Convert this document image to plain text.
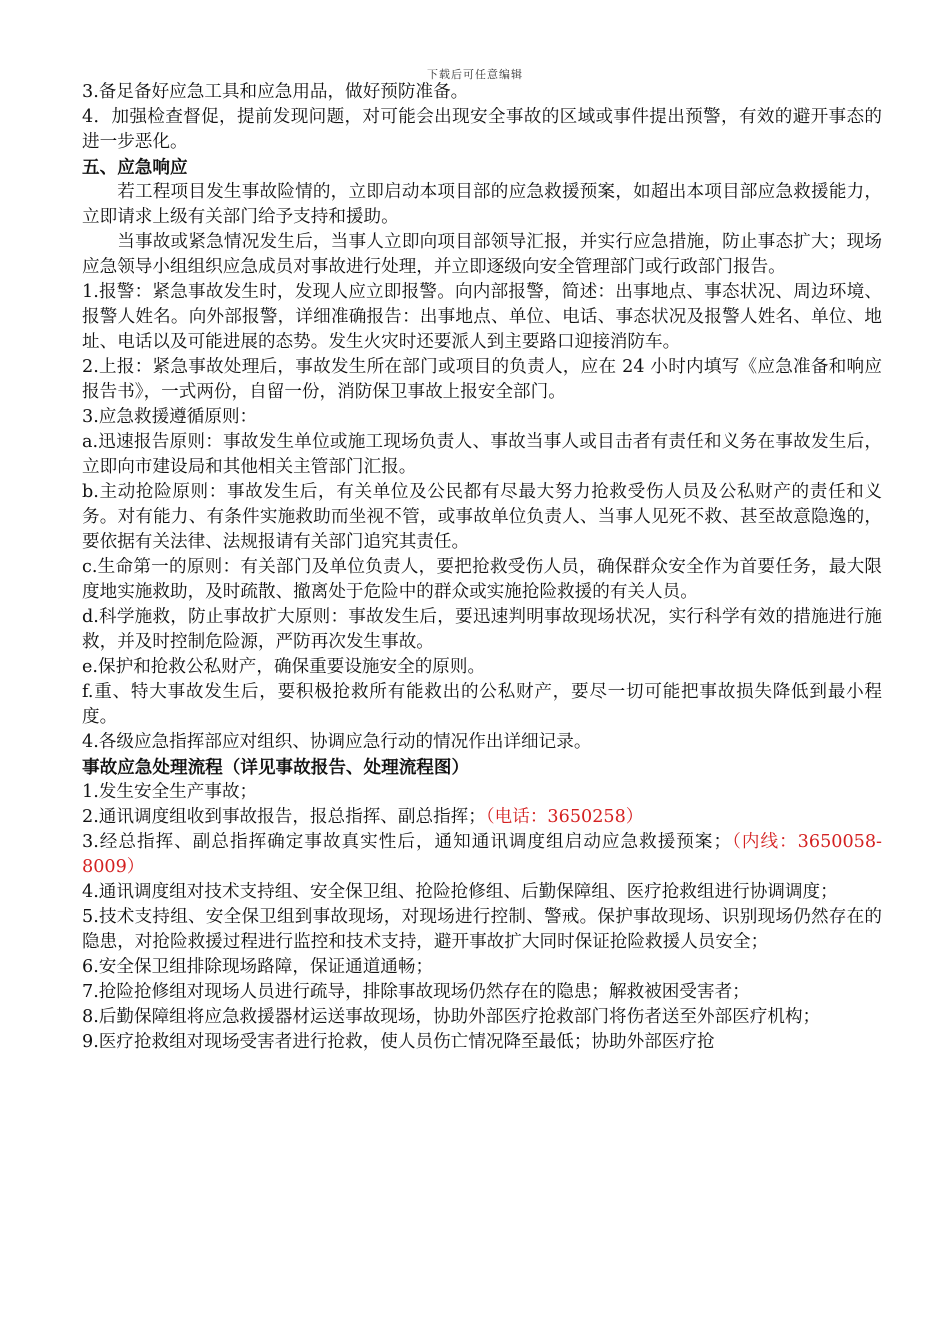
下载后可任意编辑

3.备足备好应急工具和应急用品，做好预防准备。

4．加强检查督促，提前发现问题，对可能会出现安全事故的区域或事件提出预警，有效的避开事态的进一步恶化。

五、应急响应

若工程项目发生事故险情的，立即启动本项目部的应急救援预案，如超出本项目部应急救援能力，立即请求上级有关部门给予支持和援助。

当事故或紧急情况发生后，当事人立即向项目部领导汇报，并实行应急措施，防止事态扩大；现场应急领导小组组织应急成员对事故进行处理，并立即逐级向安全管理部门或行政部门报告。

1.报警：紧急事故发生时，发现人应立即报警。向内部报警，简述：出事地点、事态状况、周边环境、报警人姓名。向外部报警，详细准确报告：出事地点、单位、电话、事态状况及报警人姓名、单位、地址、电话以及可能进展的态势。发生火灾时还要派人到主要路口迎接消防车。

2.上报：紧急事故处理后，事故发生所在部门或项目的负责人，应在 24 小时内填写《应急准备和响应报告书》，一式两份，自留一份，消防保卫事故上报安全部门。

3.应急救援遵循原则：

a.迅速报告原则：事故发生单位或施工现场负责人、事故当事人或目击者有责任和义务在事故发生后，立即向市建设局和其他相关主管部门汇报。

b.主动抢险原则：事故发生后，有关单位及公民都有尽最大努力抢救受伤人员及公私财产的责任和义务。对有能力、有条件实施救助而坐视不管，或事故单位负责人、当事人见死不救、甚至故意隐逸的，要依据有关法律、法规报请有关部门追究其责任。

c.生命第一的原则：有关部门及单位负责人，要把抢救受伤人员，确保群众安全作为首要任务，最大限度地实施救助，及时疏散、撤离处于危险中的群众或实施抢险救援的有关人员。

d.科学施救，防止事故扩大原则：事故发生后，要迅速判明事故现场状况，实行科学有效的措施进行施救，并及时控制危险源，严防再次发生事故。

e.保护和抢救公私财产，确保重要设施安全的原则。

f.重、特大事故发生后，要积极抢救所有能救出的公私财产，要尽一切可能把事故损失降低到最小程度。

4.各级应急指挥部应对组织、协调应急行动的情况作出详细记录。

事故应急处理流程（详见事故报告、处理流程图）

1.发生安全生产事故；

2.通讯调度组收到事故报告，报总指挥、副总指挥；（电话：3650258）

3.经总指挥、副总指挥确定事故真实性后，通知通讯调度组启动应急救援预案；（内线：3650058-8009）

4.通讯调度组对技术支持组、安全保卫组、抢险抢修组、后勤保障组、医疗抢救组进行协调调度；

5.技术支持组、安全保卫组到事故现场，对现场进行控制、警戒。保护事故现场、识别现场仍然存在的隐患，对抢险救援过程进行监控和技术支持，避开事故扩大同时保证抢险救援人员安全；

6.安全保卫组排除现场路障，保证通道通畅；

7.抢险抢修组对现场人员进行疏导，排除事故现场仍然存在的隐患；解救被困受害者；

8.后勤保障组将应急救援器材运送事故现场，协助外部医疗抢救部门将伤者送至外部医疗机构；

9.医疗抢救组对现场受害者进行抢救，使人员伤亡情况降至最低；协助外部医疗抢
